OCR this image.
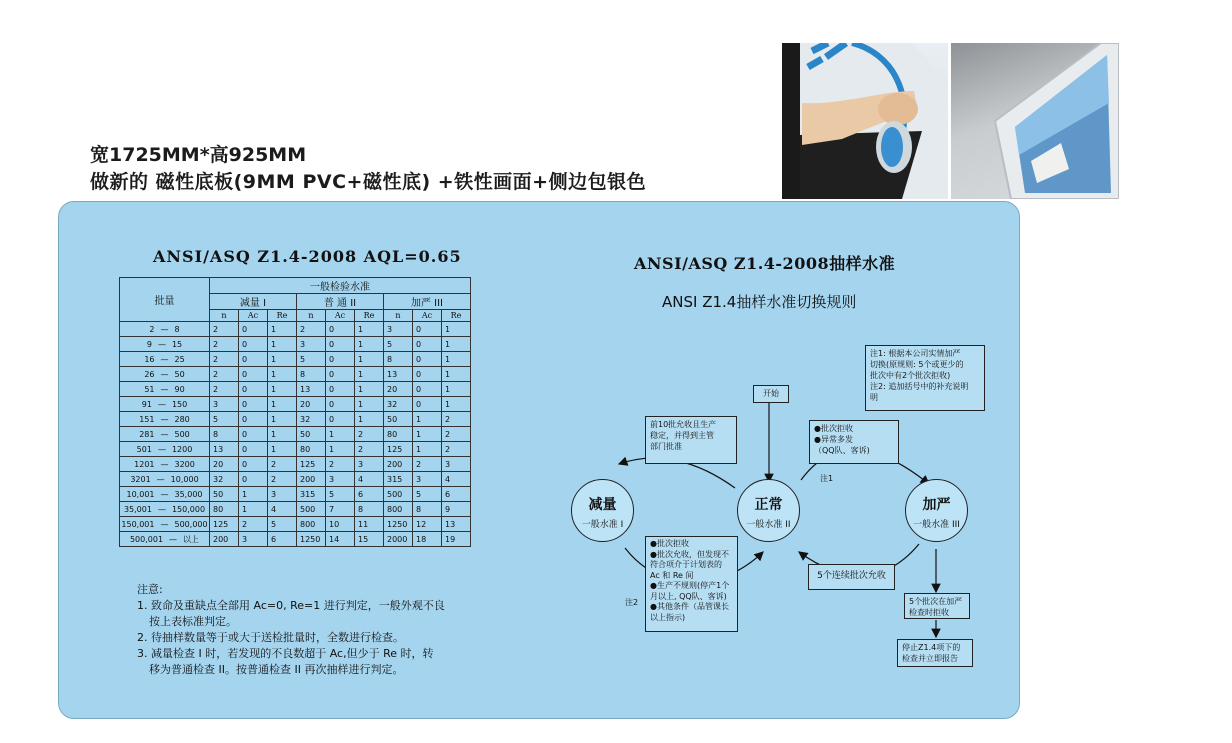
宽1725MM*高925MM
做新的 磁性底板(9MM PVC+磁性底) +铁性画面+侧边包银色
ANSI/ASQ Z1.4-2008 AQL=0.65
批量	一般检验水准								
	减量 I			普 通 II			加严 III		
	n	Ac	Re	n	Ac	Re	n	Ac	Re
2 — 8	2	0	1	2	0	1	3	0	1
9 — 15	2	0	1	3	0	1	5	0	1
16 — 25	2	0	1	5	0	1	8	0	1
26 — 50	2	0	1	8	0	1	13	0	1
51 — 90	2	0	1	13	0	1	20	0	1
91 — 150	3	0	1	20	0	1	32	0	1
151 — 280	5	0	1	32	0	1	50	1	2
281 — 500	8	0	1	50	1	2	80	1	2
501 — 1200	13	0	1	80	1	2	125	1	2
1201 — 3200	20	0	2	125	2	3	200	2	3
3201 — 10,000	32	0	2	200	3	4	315	3	4
10,001 — 35,000	50	1	3	315	5	6	500	5	6
35,001 — 150,000	80	1	4	500	7	8	800	8	9
150,001 — 500,000	125	2	5	800	10	11	1250	12	13
500,001 — 以上	200	3	6	1250	14	15	2000	18	19
注意:
1. 致命及重缺点全部用 Ac=0, Re=1 进行判定，一般外观不良
按上表标准判定。
2. 待抽样数量等于或大于送检批量时，全数进行检查。
3. 减量检查 I 时，若发现的不良数超于 Ac,但少于 Re 时，转
移为普通检查 II。按普通检查 II 再次抽样进行判定。
ANSI/ASQ Z1.4-2008抽样水准
ANSI Z1.4抽样水准切换规则
注1: 根据本公司实情加严
切换(原规则: 5个或更少的
批次中有2个批次拒收)
注2: 追加括号中的补充说明
明
开始
前10批允收且生产
稳定，并得到主管
部门批准
●批次拒收
●异常多发
（QQ队、客诉)
注1
减量
一般水准 I
正常
一般水准 II
加严
一般水准 III
●批次拒收
●批次允收，但发现不
符合项介于计划表的
Ac 和 Re 间
●生产不规则(停产1个
月以上, QQ队、客诉)
●其他条件（品管课长
以上指示)
注2
5个连续批次允收
5个批次在加严
检查时拒收
停止Z1.4项下的
检查并立即报告
